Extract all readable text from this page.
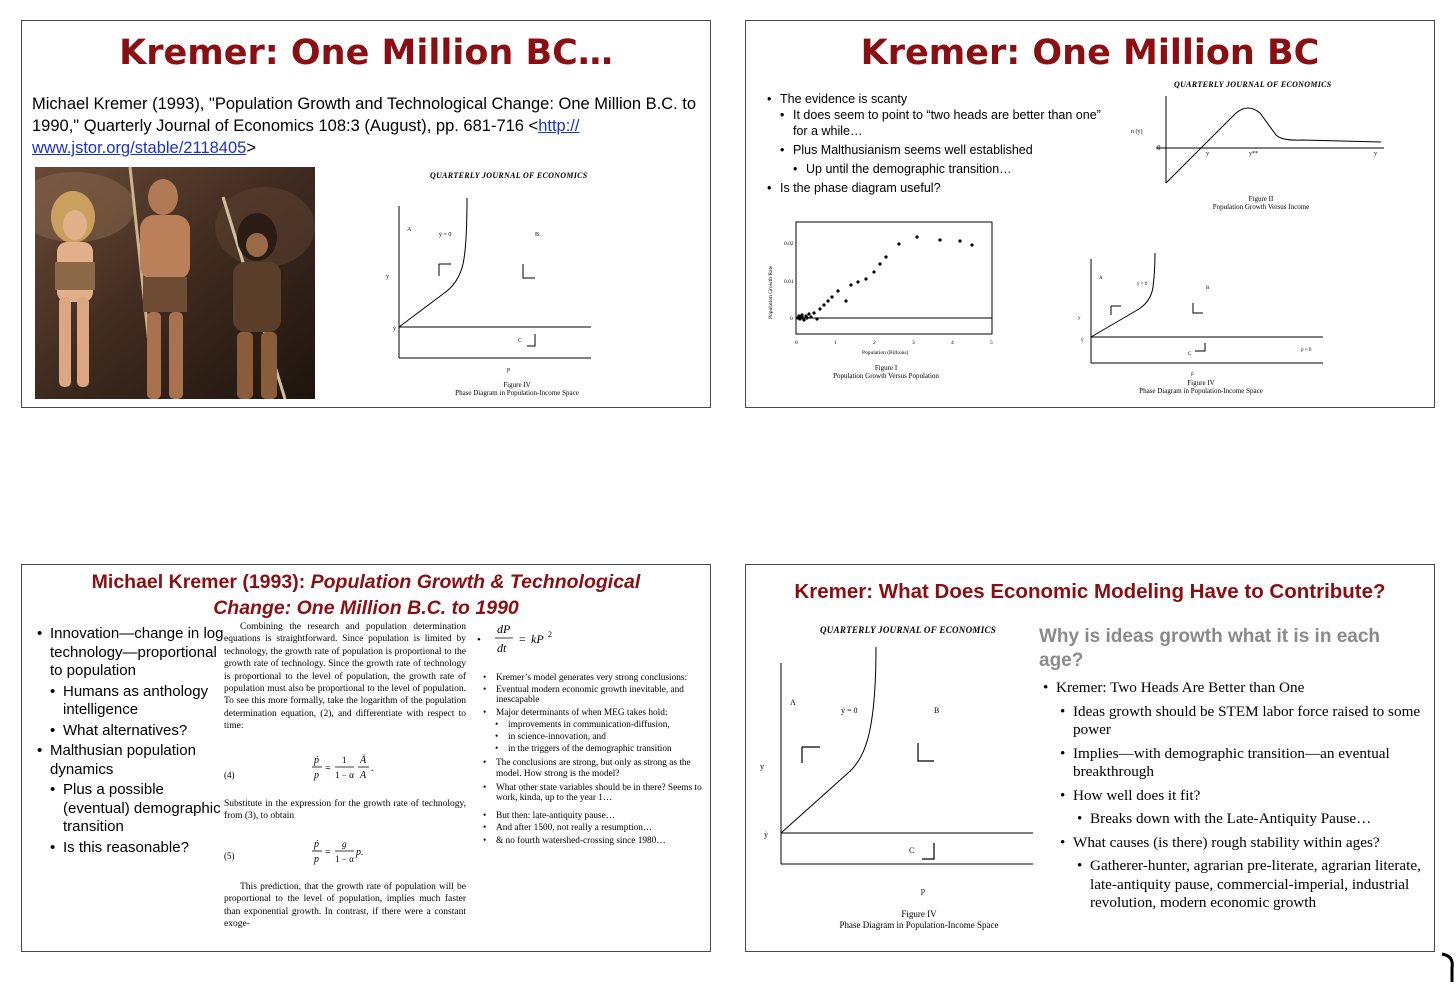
Kremer: One Million BC…
Michael Kremer (1993), "Population Growth and Technological Change: One Million B.C. to 1990," Quarterly Journal of Economics 108:3 (August), pp. 681-716 <http://
www.jstor.org/stable/2118405>
QUARTERLY JOURNAL OF ECONOMICS
A
ẏ = 0	B
y
ẏ
C
p
Figure IV
Phase Diagram in Population-Income Space
Kremer: One Million BC
• The evidence is scanty
• It does seem to point to “two heads are better than one” for a while…
• Plus Malthusianism seems well established
• Up until the demographic transition…
• Is the phase diagram useful?
QUARTERLY JOURNAL OF ECONOMICS
n (y)
0
y	y**	y
Figure II
Population Growth Versus Income
0.02
0.01
0
Population Growth Rate
0	1	2	3	4	5
Population (Billions)
Figure I
Population Growth Versus Population
A
ẏ = 0
B
y
ẏ
C
ṗ = 0
p
Figure IV
Phase Diagram in Population-Income Space
Michael Kremer (1993): Population Growth & Technological
Change: One Million B.C. to 1990
• Innovation—change in log technology—proportional to population
• Humans as anthology intelligence
• What alternatives?
• Malthusian population dynamics
• Plus a possible (eventual) demographic transition
• Is this reasonable?
Combining the research and population determination equations is straightforward. Since population is limited by technology, the growth rate of population is proportional to the growth rate of technology. Since the growth rate of technology is proportional to the level of population, the growth rate of population must also be proportional to the level of population. To see this more formally, take the logarithm of the population determination equation, (2), and differentiate with respect to time:
(4)
ṗ
p
=
1
1 − α
Ȧ
A
.
Substitute in the expression for the growth rate of technology, from (3), to obtain
(5)
ṗ
p
=
g
1 − α
p.
This prediction, that the growth rate of population will be proportional to the level of population, implies much faster than exponential growth. In contrast, if there were a constant exoge-
•
dP
dt
= kP 2
• Kremer’s model generates very strong conclusions:
• Eventual modern economic growth inevitable, and inescapable
• Major determinants of when MEG takes hold:
• improvements in communication-diffusion,
• in science-innovation, and
• in the triggers of the demographic transition
• The conclusions are strong, but only as strong as the model. How strong is the model?
• What other state variables should be in there? Seems to work, kinda, up to the year 1…
• But then: late-antiquity pause…
• And after 1500, not really a resumption…
• & no fourth watershed-crossing since 1980…
Kremer: What Does Economic Modeling Have to Contribute?
QUARTERLY JOURNAL OF ECONOMICS
A
ẏ = 0	B
y
ẏ
C
p
Figure IV
Phase Diagram in Population-Income Space
Why is ideas growth what it is in each age?
• Kremer: Two Heads Are Better than One
• Ideas growth should be STEM labor force raised to some power
• Implies—with demographic transition—an eventual breakthrough
• How well does it fit?
• Breaks down with the Late-Antiquity Pause…
• What causes (is there) rough stability within ages?
• Gatherer-hunter, agrarian pre-literate, agrarian literate, late-antiquity pause, commercial-imperial, industrial revolution, modern economic growth
